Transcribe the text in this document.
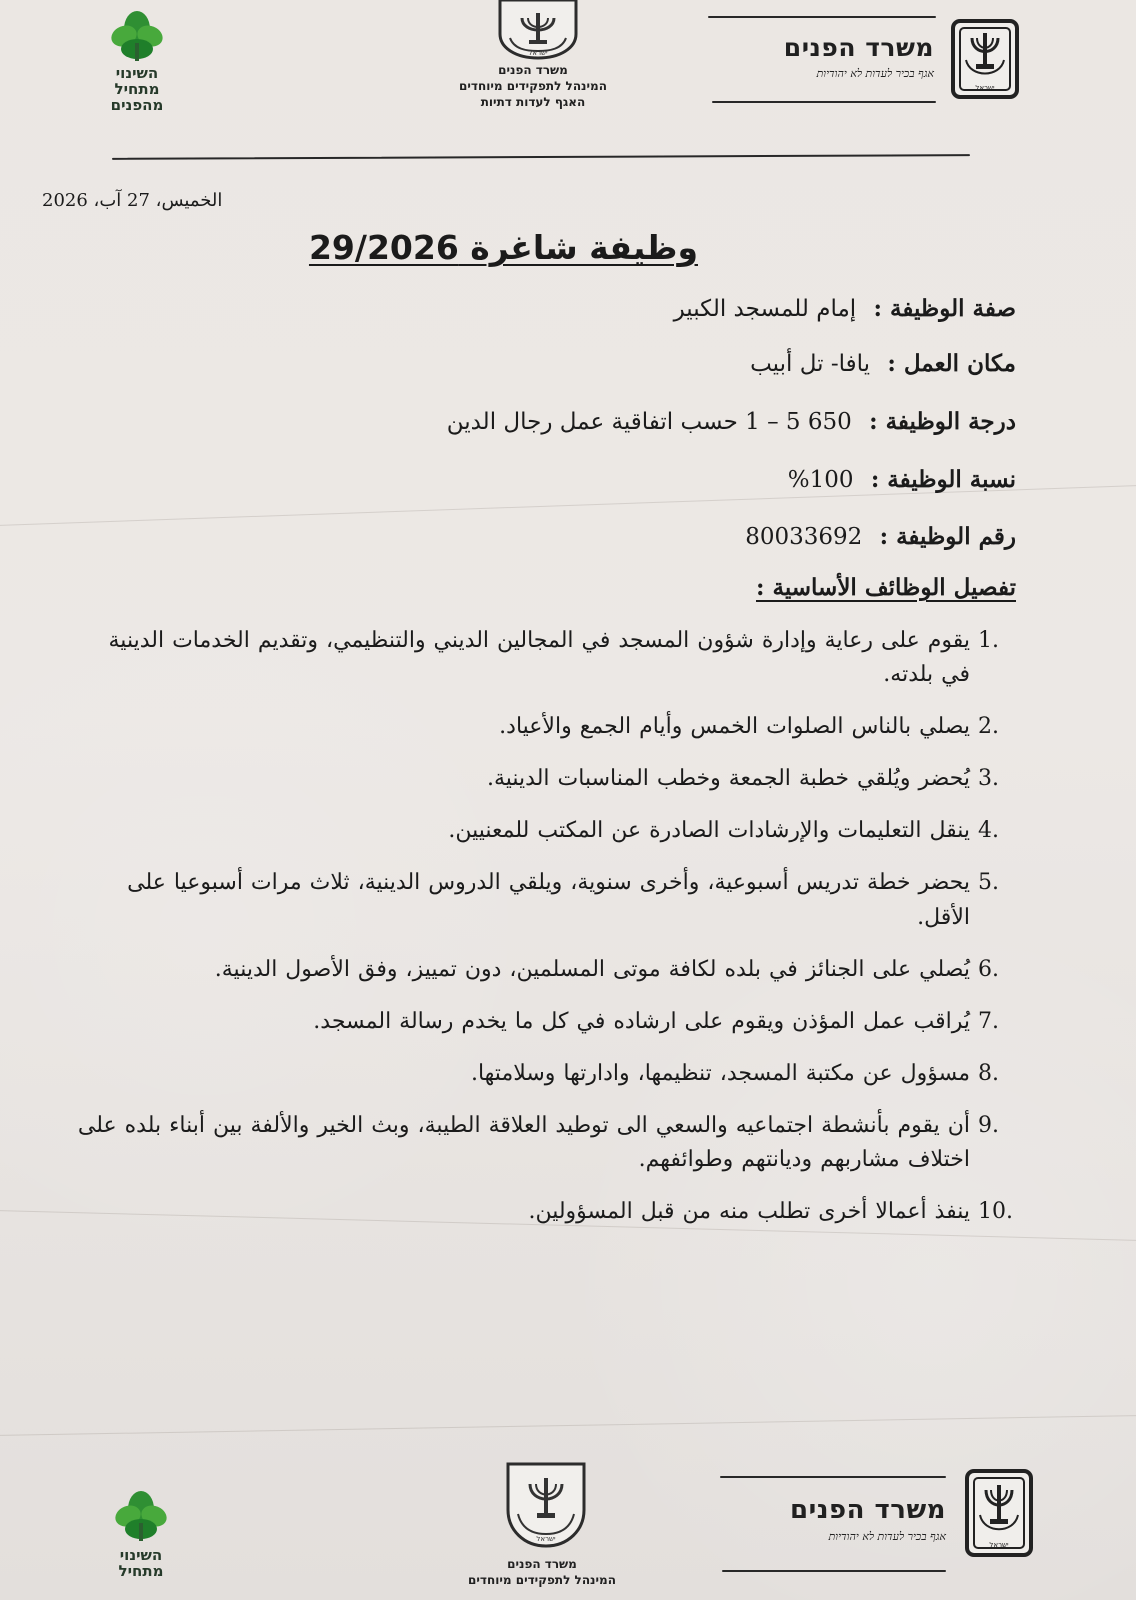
השינוי
מתחיל
מהפנים
ישראל
משרד הפנים
המינהל לתפקידים מיוחדים
האגף לעדות דתיות
משרד הפנים
אגף בכיר לעדות לא יהודיות
ישראל
الخميس، 27 آب، 2026
وظيفة شاغرة 29/2026
صفة الوظيفة : إمام للمسجد الكبير
مكان العمل : يافا- تل أبيب
درجة الوظيفة : 650 5 – 1 حسب اتفاقية عمل رجال الدين
نسبة الوظيفة : 100%
رقم الوظيفة : 80033692
تفصيل الوظائف الأساسية :
1.
يقوم على رعاية وإدارة شؤون المسجد في المجالين الديني والتنظيمي، وتقديم الخدمات الدينية في بلدته.
2.
يصلي بالناس الصلوات الخمس وأيام الجمع والأعياد.
3.
يُحضر ويُلقي خطبة الجمعة وخطب المناسبات الدينية.
4.
ينقل التعليمات والإرشادات الصادرة عن المكتب للمعنيين.
5.
يحضر خطة تدريس أسبوعية، وأخرى سنوية، ويلقي الدروس الدينية، ثلاث مرات أسبوعيا على الأقل.
6.
يُصلي على الجنائز في بلده لكافة موتى المسلمين، دون تمييز، وفق الأصول الدينية.
7.
يُراقب عمل المؤذن ويقوم على ارشاده في كل ما يخدم رسالة المسجد.
8.
مسؤول عن مكتبة المسجد، تنظيمها، وادارتها وسلامتها.
9.
أن يقوم بأنشطة اجتماعيه والسعي الى توطيد العلاقة الطيبة، وبث الخير والألفة بين أبناء بلده على اختلاف مشاربهم وديانتهم وطوائفهم.
10.
ينفذ أعمالا أخرى تطلب منه من قبل المسؤولين.
השינוי
מתחיל
ישראל
משרד הפנים
המינהל לתפקידים מיוחדים
משרד הפנים
אגף בכיר לעדות לא יהודיות
ישראל
